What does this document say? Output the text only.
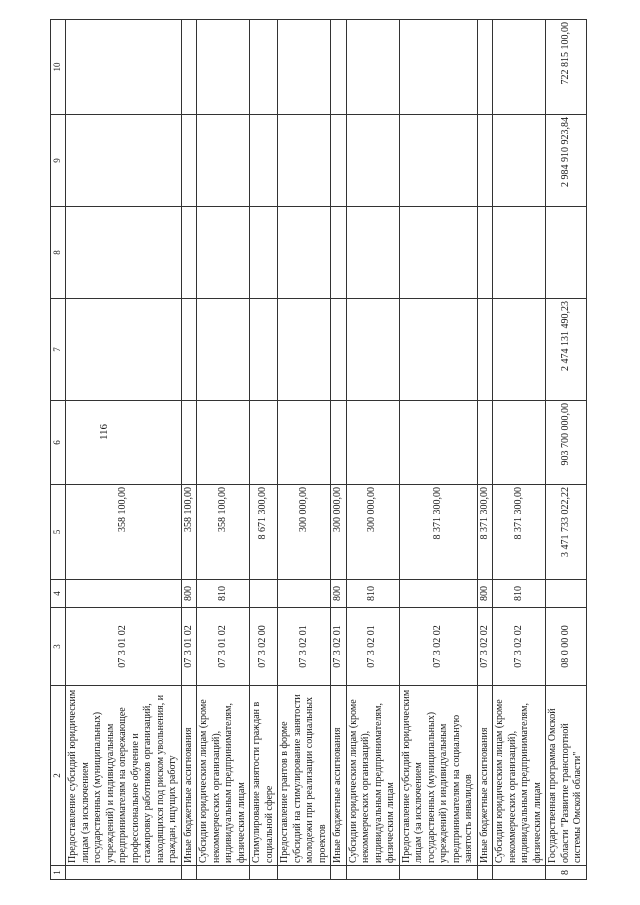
116
1	2	3	4	5	6	7	8	9	10
	Предоставление субсидий юридическим лицам (за исключением государственных (муниципальных) учреждений) и индивидуальным предпринимателям на опережающее профессиональное обучение и стажировку работников организаций, находящихся под риском увольнения, и граждан, ищущих работу	07 3 01 02		358 100,00					
	Иные бюджетные ассигнования	07 3 01 02	800	358 100,00					
	Субсидии юридическим лицам (кроме некоммерческих организаций), индивидуальным предпринимателям, физическим лицам	07 3 01 02	810	358 100,00					
	Стимулирование занятости граждан в социальной сфере	07 3 02 00		8 671 300,00					
	Предоставление грантов в форме субсидий на стимулирование занятости молодежи при реализации социальных проектов	07 3 02 01		300 000,00					
	Иные бюджетные ассигнования	07 3 02 01	800	300 000,00					
	Субсидии юридическим лицам (кроме некоммерческих организаций), индивидуальным предпринимателям, физическим лицам	07 3 02 01	810	300 000,00					
	Предоставление субсидий юридическим лицам (за исключением государственных (муниципальных) учреждений) и индивидуальным предпринимателям на социальную занятость инвалидов	07 3 02 02		8 371 300,00					
	Иные бюджетные ассигнования	07 3 02 02	800	8 371 300,00					
	Субсидии юридическим лицам (кроме некоммерческих организаций), индивидуальным предпринимателям, физическим лицам	07 3 02 02	810	8 371 300,00					
8	Государственная программа Омской области "Развитие транспортной системы Омской области"	08 0 00 00		3 471 733 022,22	903 700 000,00	2 474 131 490,23		2 984 910 923,84	722 815 100,00
